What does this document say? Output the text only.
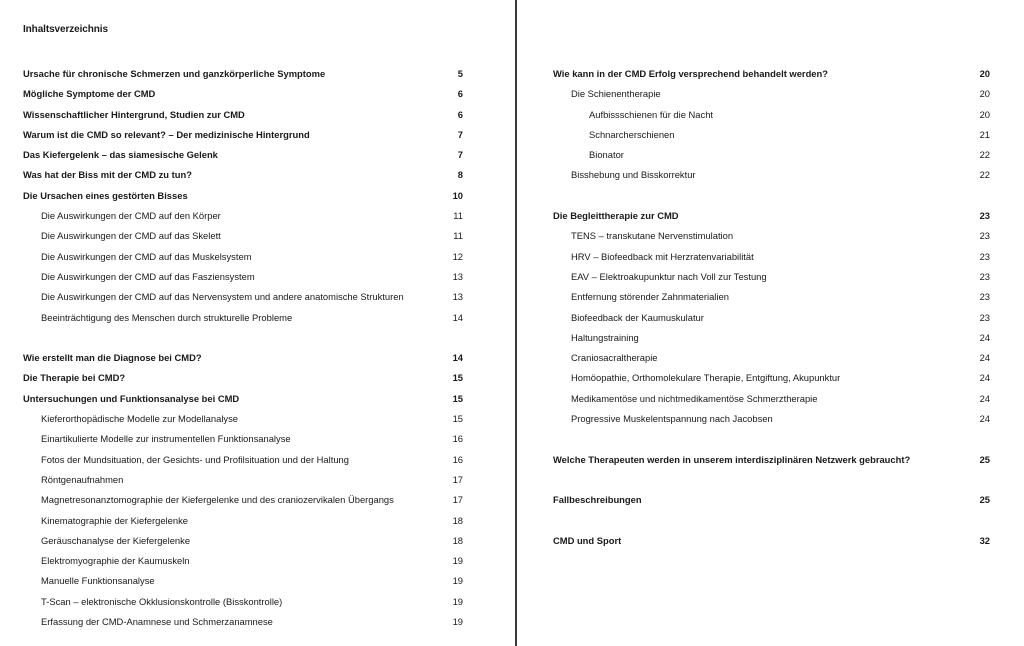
Inhaltsverzeichnis
Ursache für chronische Schmerzen und ganzkörperliche Symptome	5
Mögliche Symptome der CMD	6
Wissenschaftlicher Hintergrund, Studien zur CMD	6
Warum ist die CMD so relevant? – Der medizinische Hintergrund	7
Das Kiefergelenk – das siamesische Gelenk	7
Was hat der Biss mit der CMD zu tun?	8
Die Ursachen eines gestörten Bisses	10
Die Auswirkungen der CMD auf den Körper	11
Die Auswirkungen der CMD auf das Skelett	11
Die Auswirkungen der CMD auf das Muskelsystem	12
Die Auswirkungen der CMD auf das Fasziensystem	13
Die Auswirkungen der CMD auf das Nervensystem und andere anatomische Strukturen	13
Beeinträchtigung des Menschen durch strukturelle Probleme	14
Wie erstellt man die Diagnose bei CMD?	14
Die Therapie bei CMD?	15
Untersuchungen und Funktionsanalyse bei CMD	15
Kieferorthopädische Modelle zur Modellanalyse	15
Einartikulierte Modelle zur instrumentellen Funktionsanalyse	16
Fotos der Mundsituation, der Gesichts- und Profilsituation und der Haltung	16
Röntgenaufnahmen	17
Magnetresonanztomographie der Kiefergelenke und des craniozervikalen Übergangs	17
Kinematographie der Kiefergelenke	18
Geräuschanalyse der Kiefergelenke	18
Elektromyographie der Kaumuskeln	19
Manuelle Funktionsanalyse	19
T-Scan – elektronische Okklusionskontrolle (Bisskontrolle)	19
Erfassung der CMD-Anamnese und Schmerzanamnese	19
Wie kann in der CMD Erfolg versprechend behandelt werden?	20
Die Schienentherapie	20
Aufbissschienen für die Nacht	20
Schnarcherschienen	21
Bionator	22
Bisshebung und Bisskorrektur	22
Die Begleittherapie zur CMD	23
TENS – transkutane Nervenstimulation	23
HRV – Biofeedback mit Herzratenvariabilität	23
EAV – Elektroakupunktur nach Voll zur Testung	23
Entfernung störender Zahnmaterialien	23
Biofeedback der Kaumuskulatur	23
Haltungstraining	24
Craniosacraltherapie	24
Homöopathie, Orthomolekulare Therapie, Entgiftung, Akupunktur	24
Medikamentöse und nichtmedikamentöse Schmerztherapie	24
Progressive Muskelentspannung nach Jacobsen	24
Welche Therapeuten werden in unserem interdisziplinären Netzwerk gebraucht?	25
Fallbeschreibungen	25
CMD und Sport	32
